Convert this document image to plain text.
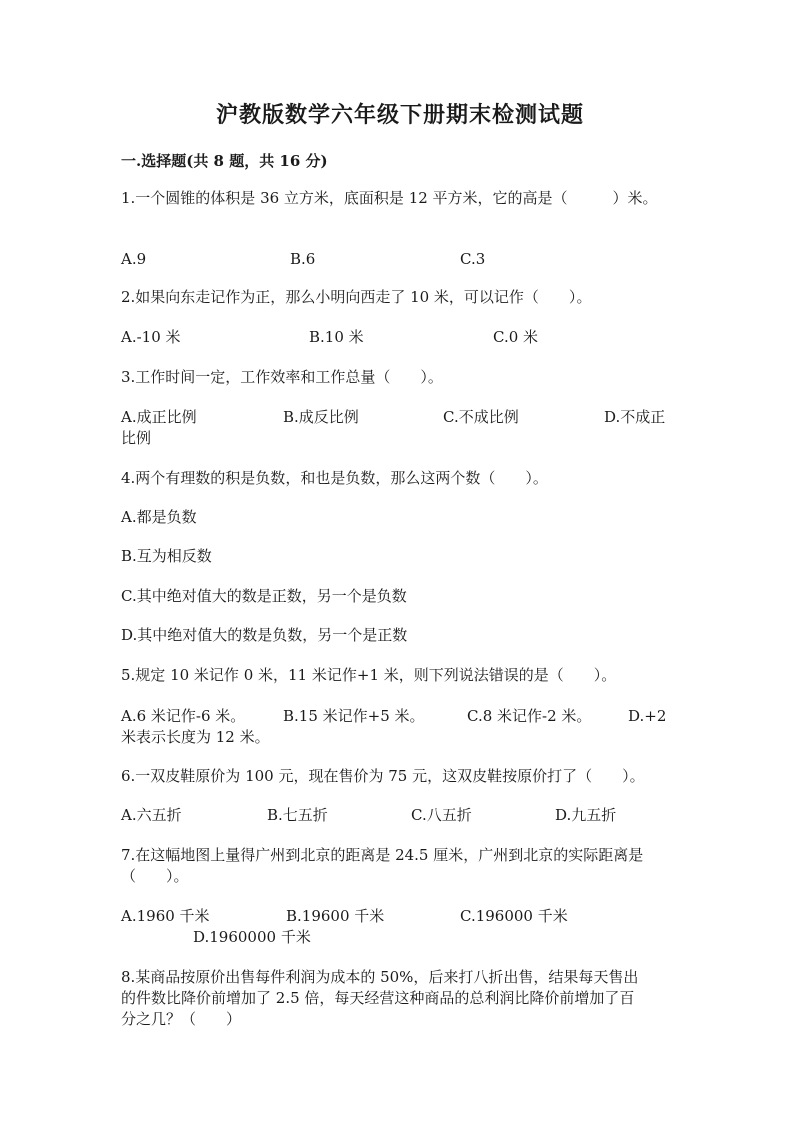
沪教版数学六年级下册期末检测试题
一.选择题(共 8 题，共 16 分)
1.一个圆锥的体积是 36 立方米，底面积是 12 平方米，它的高是（　　　）米。
A.9	B.6	C.3
2.如果向东走记作为正，那么小明向西走了 10 米，可以记作（　　）。
A.-10 米	B.10 米	C.0 米
3.工作时间一定，工作效率和工作总量（　　）。
A.成正比例	B.成反比例	C.不成比例	D.不成正
比例
4.两个有理数的积是负数，和也是负数，那么这两个数（　　）。
A.都是负数
B.互为相反数
C.其中绝对值大的数是正数，另一个是负数
D.其中绝对值大的数是负数，另一个是正数
5.规定 10 米记作 0 米，11 米记作+1 米，则下列说法错误的是（　　）。
A.6 米记作-6 米。	B.15 米记作+5 米。	C.8 米记作-2 米。 D.+2
米表示长度为 12 米。
6.一双皮鞋原价为 100 元，现在售价为 75 元，这双皮鞋按原价打了（　　）。
A.六五折	B.七五折	C.八五折	D.九五折
7.在这幅地图上量得广州到北京的距离是 24.5 厘米，广州到北京的实际距离是
（　　）。
A.1960 千米	B.19600 千米	C.196000 千米
D.1960000 千米
8.某商品按原价出售每件利润为成本的 50%，后来打八折出售，结果每天售出
的件数比降价前增加了 2.5 倍，每天经营这种商品的总利润比降价前增加了百
分之几？（　　）
